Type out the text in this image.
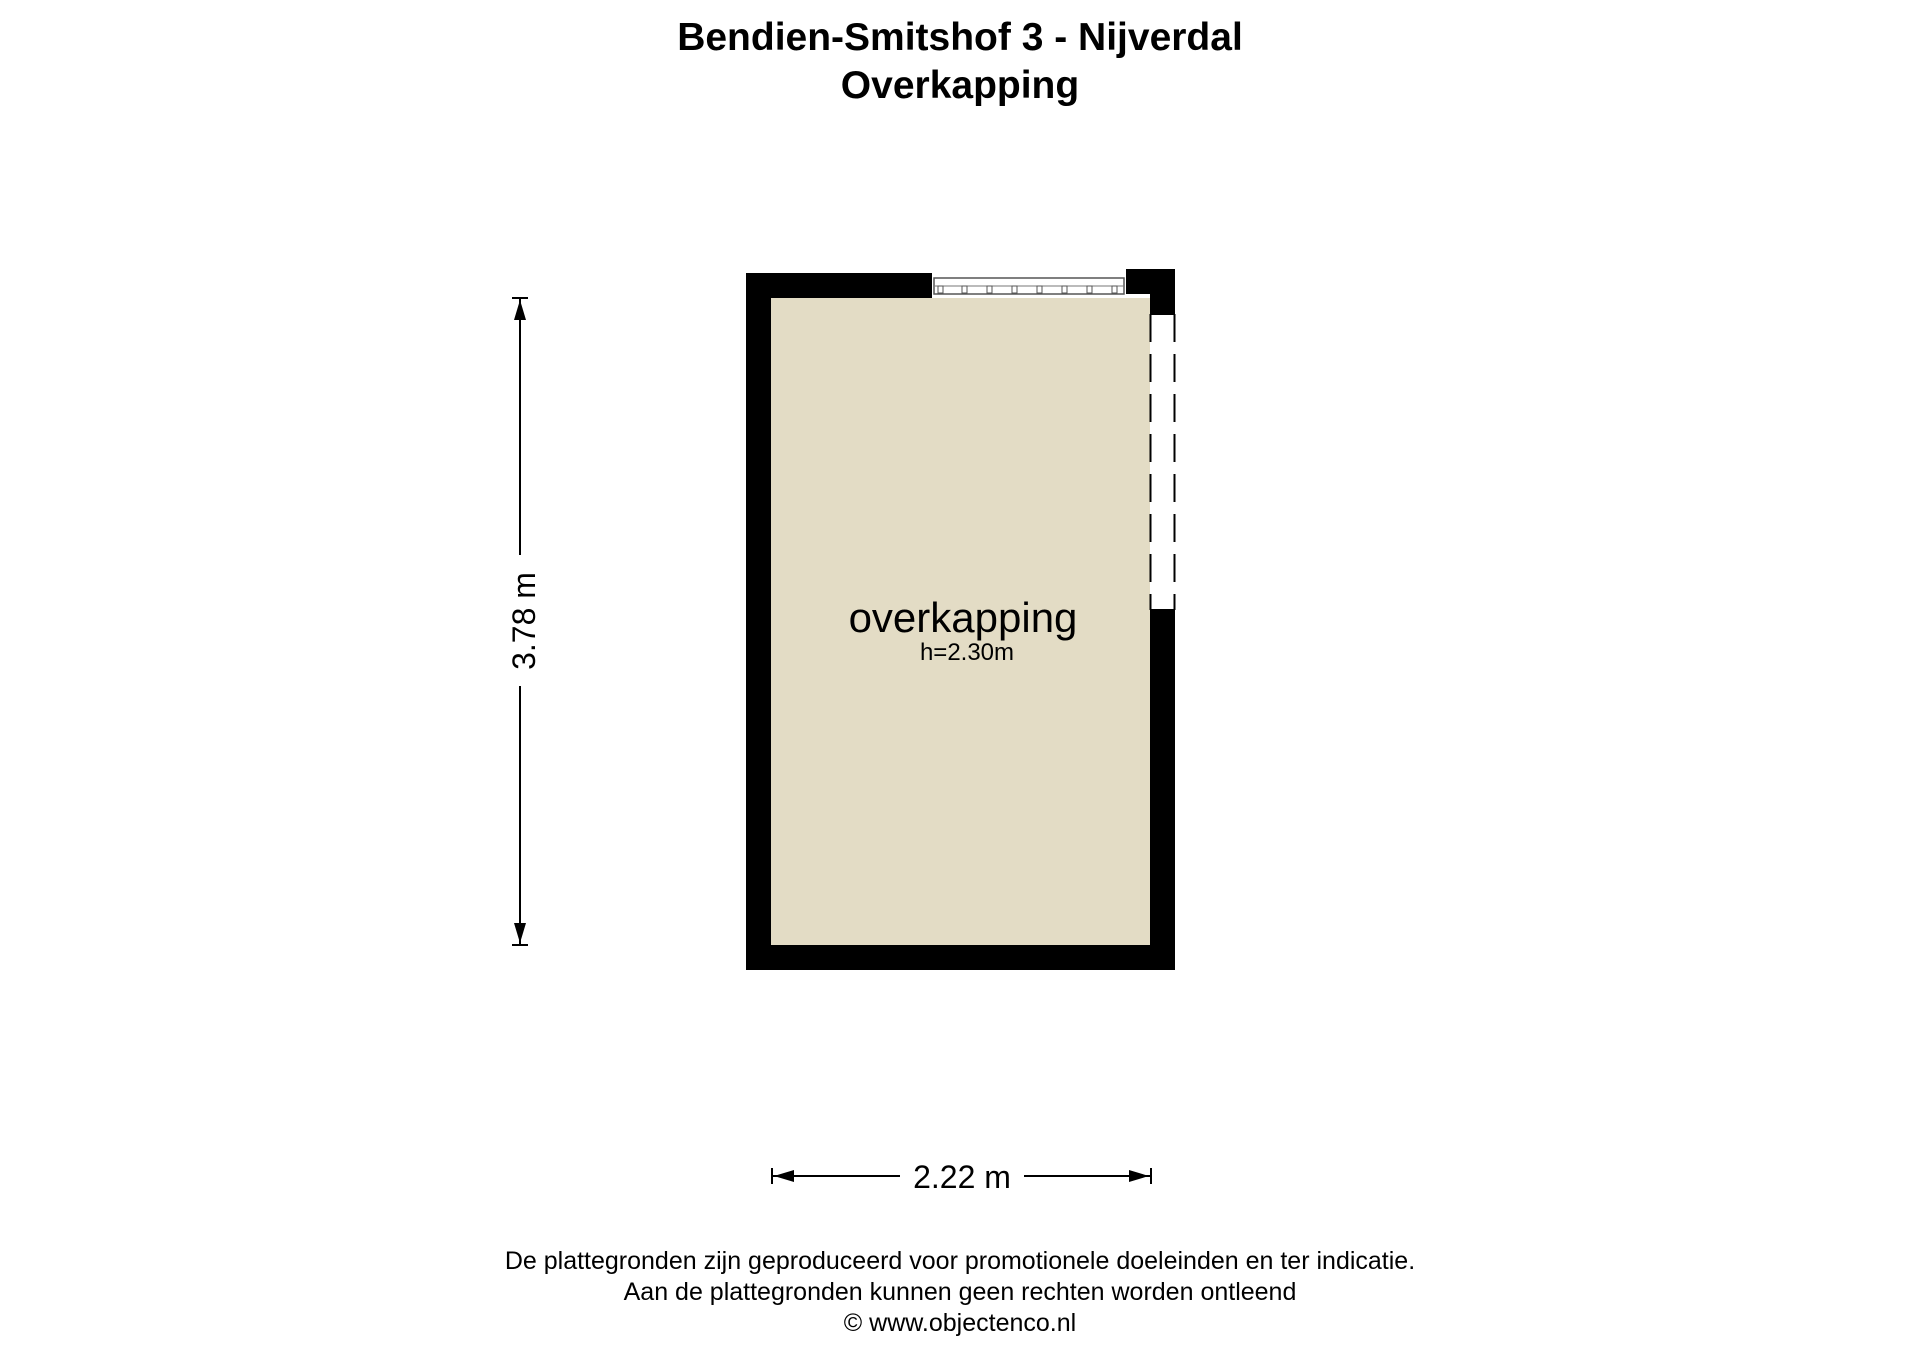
Bendien-Smitshof 3 - Nijverdal
Overkapping
overkapping
h=2.30m
3.78 m
2.22 m
De plattegronden zijn geproduceerd voor promotionele doeleinden en ter indicatie.
Aan de plattegronden kunnen geen rechten worden ontleend
© www.objectenco.nl
